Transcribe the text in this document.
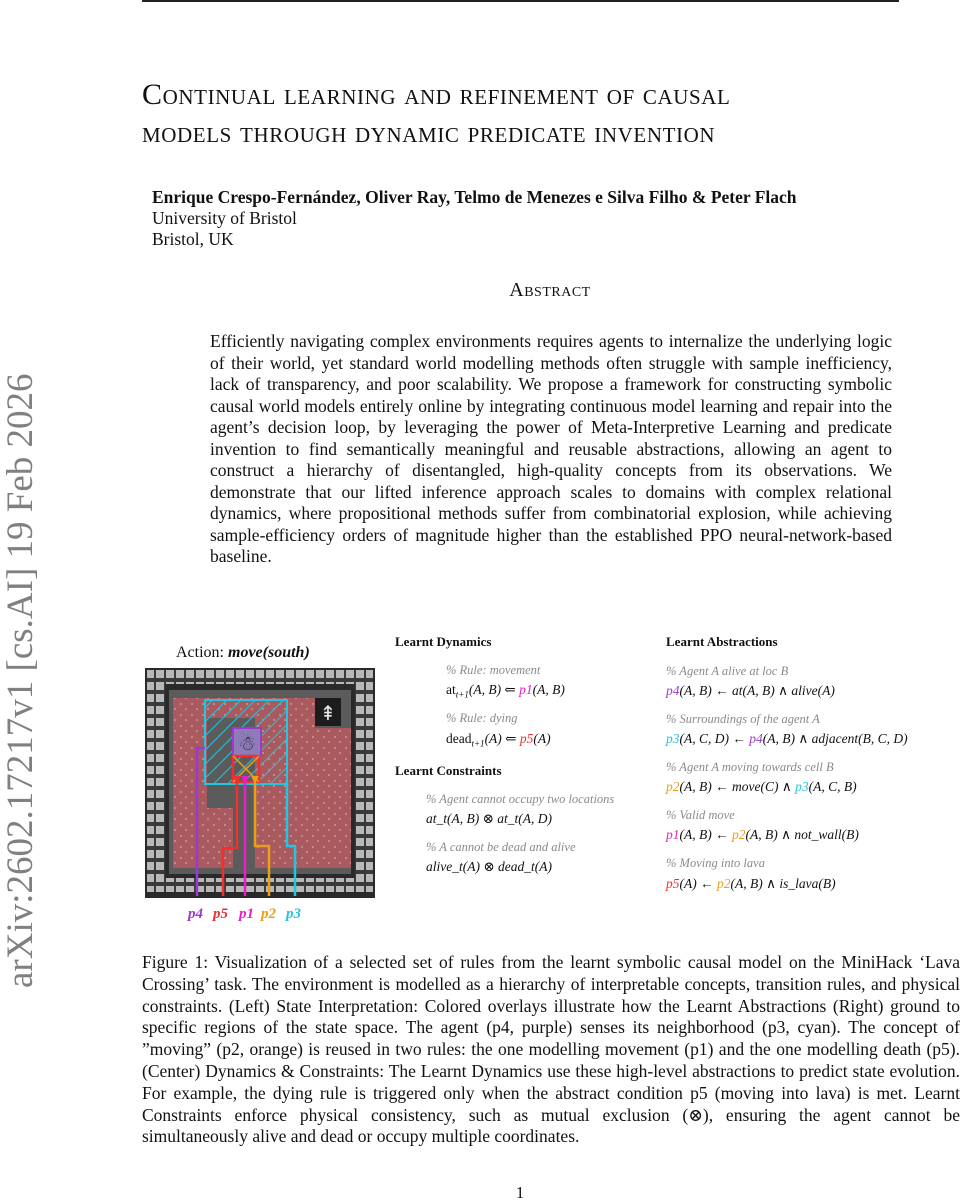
arXiv:2602.17217v1 [cs.AI] 19 Feb 2026
Continual learning and refinement of causal
models through dynamic predicate invention
Enrique Crespo-Fernández, Oliver Ray, Telmo de Menezes e Silva Filho & Peter Flach
University of Bristol
Bristol, UK
Abstract
Efficiently navigating complex environments requires agents to internalize the underlying logic of their world, yet standard world modelling methods often struggle with sample inefficiency, lack of transparency, and poor scalability. We propose a framework for constructing symbolic causal world models entirely online by integrating continuous model learning and repair into the agent’s decision loop, by leveraging the power of Meta-Interpretive Learning and predicate invention to find semantically meaningful and reusable abstractions, allowing an agent to construct a hierarchy of disentangled, high-quality concepts from its observations. We demonstrate that our lifted inference approach scales to domains with complex relational dynamics, where propositional methods suffer from combinatorial explosion, while achieving sample-efficiency orders of magnitude higher than the established PPO neural-network-based baseline.
Action: move(south)
⇞
☃
p4 p5 p1 p2 p3
Learnt Dynamics
% Rule: movement
$at_{t+1}(A$, B) ⇐ p1(A, B)
% Rule: dying
dead$_{t+1}$(A) ⇐ p5(A)
Learnt Constraints
% Agent cannot occupy two locations
at_t(A, B) ⊗ at_t(A, D)
% A cannot be dead and alive
alive_t(A) ⊗ dead_t(A)
Learnt Abstractions
% Agent A alive at loc B
p4(A, B) ← at(A, B) ∧ alive(A)
% Surroundings of the agent A
p3(A, C, D) ← p4(A, B) ∧ adjacent(B, C, D)
% Agent A moving towards cell B
p2(A, B) ← move(C) ∧ p3(A, C, B)
% Valid move
p1(A, B) ← p2(A, B) ∧ not_wall(B)
% Moving into lava
p5(A) ← p2(A, B) ∧ is_lava(B)
Figure 1: Visualization of a selected set of rules from the learnt symbolic causal model on the MiniHack ‘Lava Crossing’ task. The environment is modelled as a hierarchy of interpretable concepts, transition rules, and physical constraints. (Left) State Interpretation: Colored overlays illustrate how the Learnt Abstractions (Right) ground to specific regions of the state space. The agent (p4, purple) senses its neighborhood (p3, cyan). The concept of ”moving” (p2, orange) is reused in two rules: the one modelling movement (p1) and the one modelling death (p5). (Center) Dynamics & Constraints: The Learnt Dynamics use these high-level abstractions to predict state evolution. For example, the dying rule is triggered only when the abstract condition p5 (moving into lava) is met. Learnt Constraints enforce physical consistency, such as mutual exclusion (⊗), ensuring the agent cannot be simultaneously alive and dead or occupy multiple coordinates.
1
